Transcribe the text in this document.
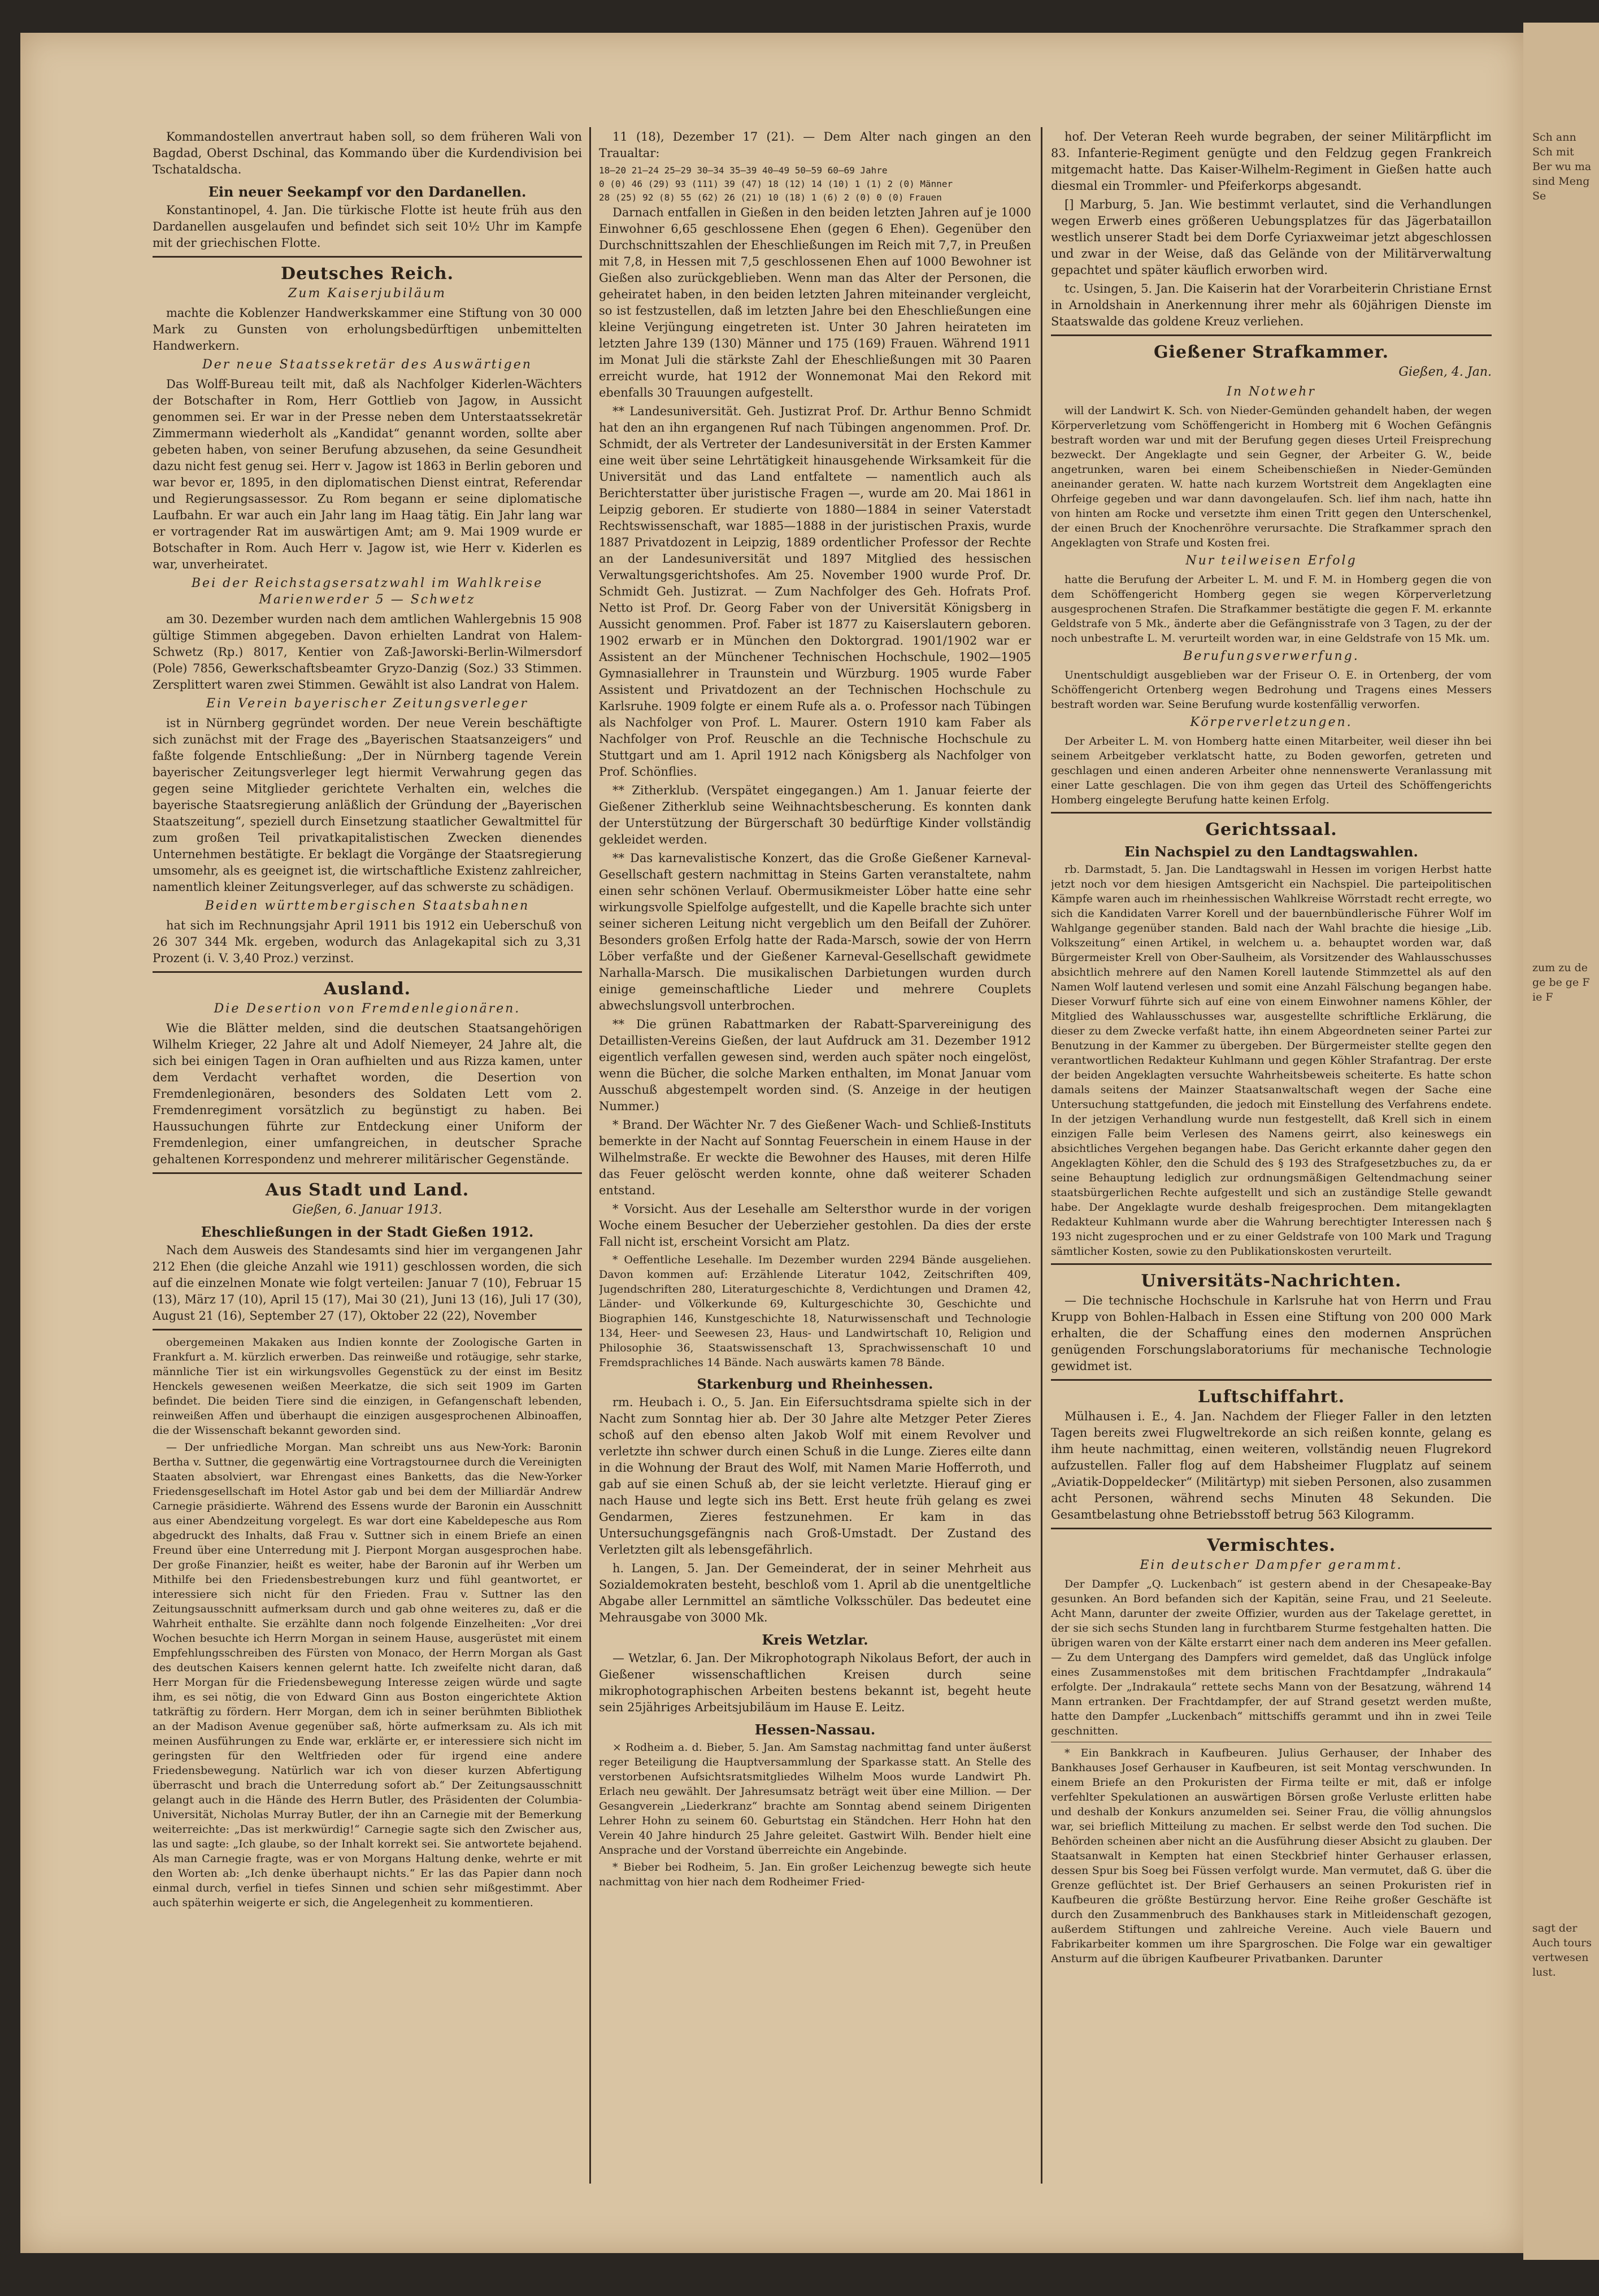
Sch ann Sch mit Ber wu ma sind Meng Se
zum zu de ge be ge F ie F
sagt der Auch tours vertwesen lust.

Kommandostellen anvertraut haben soll, so dem früheren Wali von Bagdad, Oberst Dschinal, das Kommando über die Kurdendivision bei Tschataldscha.

Ein neuer Seekampf vor den Dardanellen.

Konstantinopel, 4. Jan. Die türkische Flotte ist heute früh aus den Dardanellen ausgelaufen und befindet sich seit 10½ Uhr im Kampfe mit der griechischen Flotte.

Deutsches Reich.
Zum Kaiserjubiläum

machte die Koblenzer Handwerkskammer eine Stiftung von 30 000 Mark zu Gunsten von erholungsbedürftigen unbemittelten Handwerkern.

Der neue Staatssekretär des Auswärtigen

Das Wolff-Bureau teilt mit, daß als Nachfolger Kiderlen-Wächters der Botschafter in Rom, Herr Gottlieb von Jagow, in Aussicht genommen sei. Er war in der Presse neben dem Unterstaatssekretär Zimmermann wiederholt als „Kandidat“ genannt worden, sollte aber gebeten haben, von seiner Berufung abzusehen, da seine Gesundheit dazu nicht fest genug sei. Herr v. Jagow ist 1863 in Berlin geboren und war bevor er, 1895, in den diplomatischen Dienst eintrat, Referendar und Regierungsassessor. Zu Rom begann er seine diplomatische Laufbahn. Er war auch ein Jahr lang im Haag tätig. Ein Jahr lang war er vortragender Rat im auswärtigen Amt; am 9. Mai 1909 wurde er Botschafter in Rom. Auch Herr v. Jagow ist, wie Herr v. Kiderlen es war, unverheiratet.

Bei der Reichstagsersatzwahl im Wahlkreise Marienwerder 5 — Schwetz

am 30. Dezember wurden nach dem amtlichen Wahlergebnis 15 908 gültige Stimmen abgegeben. Davon erhielten Landrat von Halem-Schwetz (Rp.) 8017, Kentier von Zaß-Jaworski-Berlin-Wilmersdorf (Pole) 7856, Gewerkschaftsbeamter Gryzo-Danzig (Soz.) 33 Stimmen. Zersplittert waren zwei Stimmen. Gewählt ist also Landrat von Halem.

Ein Verein bayerischer Zeitungsverleger

ist in Nürnberg gegründet worden. Der neue Verein beschäftigte sich zunächst mit der Frage des „Bayerischen Staatsanzeigers“ und faßte folgende Entschließung: „Der in Nürnberg tagende Verein bayerischer Zeitungsverleger legt hiermit Verwahrung gegen das gegen seine Mitglieder gerichtete Verhalten ein, welches die bayerische Staatsregierung anläßlich der Gründung der „Bayerischen Staatszeitung“, speziell durch Einsetzung staatlicher Gewaltmittel für zum großen Teil privatkapitalistischen Zwecken dienendes Unternehmen bestätigte. Er beklagt die Vorgänge der Staatsregierung umsomehr, als es geeignet ist, die wirtschaftliche Existenz zahlreicher, namentlich kleiner Zeitungsverleger, auf das schwerste zu schädigen.

Beiden württembergischen Staatsbahnen

hat sich im Rechnungsjahr April 1911 bis 1912 ein Ueberschuß von 26 307 344 Mk. ergeben, wodurch das Anlagekapital sich zu 3,31 Prozent (i. V. 3,40 Proz.) verzinst.

Ausland.
Die Desertion von Fremdenlegionären.

Wie die Blätter melden, sind die deutschen Staatsangehörigen Wilhelm Krieger, 22 Jahre alt und Adolf Niemeyer, 24 Jahre alt, die sich bei einigen Tagen in Oran aufhielten und aus Rizza kamen, unter dem Verdacht verhaftet worden, die Desertion von Fremdenlegionären, besonders des Soldaten Lett vom 2. Fremdenregiment vorsätzlich zu begünstigt zu haben. Bei Haussuchungen führte zur Entdeckung einer Uniform der Fremdenlegion, einer umfangreichen, in deutscher Sprache gehaltenen Korrespondenz und mehrerer militärischer Gegenstände.

Aus Stadt und Land.
Gießen, 6. Januar 1913.
Eheschließungen in der Stadt Gießen 1912.

Nach dem Ausweis des Standesamts sind hier im vergangenen Jahr 212 Ehen (die gleiche Anzahl wie 1911) geschlossen worden, die sich auf die einzelnen Monate wie folgt verteilen: Januar 7 (10), Februar 15 (13), März 17 (10), April 15 (17), Mai 30 (21), Juni 13 (16), Juli 17 (30), August 21 (16), September 27 (17), Oktober 22 (22), November

obergemeinen Makaken aus Indien konnte der Zoologische Garten in Frankfurt a. M. kürzlich erwerben. Das reinweiße und rotäugige, sehr starke, männliche Tier ist ein wirkungsvolles Gegenstück zu der einst im Besitz Henckels gewesenen weißen Meerkatze, die sich seit 1909 im Garten befindet. Die beiden Tiere sind die einzigen, in Gefangenschaft lebenden, reinweißen Affen und überhaupt die einzigen ausgesprochenen Albinoaffen, die der Wissenschaft bekannt geworden sind.

— Der unfriedliche Morgan. Man schreibt uns aus New-York: Baronin Bertha v. Suttner, die gegenwärtig eine Vortragstournee durch die Vereinigten Staaten absolviert, war Ehrengast eines Banketts, das die New-Yorker Friedensgesellschaft im Hotel Astor gab und bei dem der Milliardär Andrew Carnegie präsidierte. Während des Essens wurde der Baronin ein Ausschnitt aus einer Abendzeitung vorgelegt. Es war dort eine Kabeldepesche aus Rom abgedruckt des Inhalts, daß Frau v. Suttner sich in einem Briefe an einen Freund über eine Unterredung mit J. Pierpont Morgan ausgesprochen habe. Der große Finanzier, heißt es weiter, habe der Baronin auf ihr Werben um Mithilfe bei den Friedensbestrebungen kurz und fühl geantwortet, er interessiere sich nicht für den Frieden. Frau v. Suttner las den Zeitungsausschnitt aufmerksam durch und gab ohne weiteres zu, daß er die Wahrheit enthalte. Sie erzählte dann noch folgende Einzelheiten: „Vor drei Wochen besuchte ich Herrn Morgan in seinem Hause, ausgerüstet mit einem Empfehlungsschreiben des Fürsten von Monaco, der Herrn Morgan als Gast des deutschen Kaisers kennen gelernt hatte. Ich zweifelte nicht daran, daß Herr Morgan für die Friedensbewegung Interesse zeigen würde und sagte ihm, es sei nötig, die von Edward Ginn aus Boston eingerichtete Aktion tatkräftig zu fördern. Herr Morgan, dem ich in seiner berühmten Bibliothek an der Madison Avenue gegenüber saß, hörte aufmerksam zu. Als ich mit meinen Ausführungen zu Ende war, erklärte er, er interessiere sich nicht im geringsten für den Weltfrieden oder für irgend eine andere Friedensbewegung. Natürlich war ich von dieser kurzen Abfertigung überrascht und brach die Unterredung sofort ab.“ Der Zeitungsausschnitt gelangt auch in die Hände des Herrn Butler, des Präsidenten der Columbia-Universität, Nicholas Murray Butler, der ihn an Carnegie mit der Bemerkung weiterreichte: „Das ist merkwürdig!“ Carnegie sagte sich den Zwischer aus, las und sagte: „Ich glaube, so der Inhalt korrekt sei. Sie antwortete bejahend. Als man Carnegie fragte, was er von Morgans Haltung denke, wehrte er mit den Worten ab: „Ich denke überhaupt nichts.“ Er las das Papier dann noch einmal durch, verfiel in tiefes Sinnen und schien sehr mißgestimmt. Aber auch späterhin weigerte er sich, die Angelegenheit zu kommentieren.

11 (18), Dezember 17 (21). — Dem Alter nach gingen an den Traualtar:

18—20 21—24 25—29 30—34 35—39 40—49 50—59 60—69 Jahre
0 (0) 46 (29) 93 (111) 39 (47) 18 (12) 14 (10) 1 (1) 2 (0) Männer
28 (25) 92 (8) 55 (62) 26 (21) 10 (18) 1 (6) 2 (0) 0 (0) Frauen

Darnach entfallen in Gießen in den beiden letzten Jahren auf je 1000 Einwohner 6,65 geschlossene Ehen (gegen 6 Ehen). Gegenüber den Durchschnittszahlen der Eheschließungen im Reich mit 7,7, in Preußen mit 7,8, in Hessen mit 7,5 geschlossenen Ehen auf 1000 Bewohner ist Gießen also zurückgeblieben. Wenn man das Alter der Personen, die geheiratet haben, in den beiden letzten Jahren miteinander vergleicht, so ist festzustellen, daß im letzten Jahre bei den Eheschließungen eine kleine Verjüngung eingetreten ist. Unter 30 Jahren heirateten im letzten Jahre 139 (130) Männer und 175 (169) Frauen. Während 1911 im Monat Juli die stärkste Zahl der Eheschließungen mit 30 Paaren erreicht wurde, hat 1912 der Wonnemonat Mai den Rekord mit ebenfalls 30 Trauungen aufgestellt.

** Landesuniversität. Geh. Justizrat Prof. Dr. Arthur Benno Schmidt hat den an ihn ergangenen Ruf nach Tübingen angenommen. Prof. Dr. Schmidt, der als Vertreter der Landesuniversität in der Ersten Kammer eine weit über seine Lehrtätigkeit hinausgehende Wirksamkeit für die Universität und das Land entfaltete — namentlich auch als Berichterstatter über juristische Fragen —, wurde am 20. Mai 1861 in Leipzig geboren. Er studierte von 1880—1884 in seiner Vaterstadt Rechtswissenschaft, war 1885—1888 in der juristischen Praxis, wurde 1887 Privatdozent in Leipzig, 1889 ordentlicher Professor der Rechte an der Landesuniversität und 1897 Mitglied des hessischen Verwaltungsgerichtshofes. Am 25. November 1900 wurde Prof. Dr. Schmidt Geh. Justizrat. — Zum Nachfolger des Geh. Hofrats Prof. Netto ist Prof. Dr. Georg Faber von der Universität Königsberg in Aussicht genommen. Prof. Faber ist 1877 zu Kaiserslautern geboren. 1902 erwarb er in München den Doktorgrad. 1901/1902 war er Assistent an der Münchener Technischen Hochschule, 1902—1905 Gymnasiallehrer in Traunstein und Würzburg. 1905 wurde Faber Assistent und Privatdozent an der Technischen Hochschule zu Karlsruhe. 1909 folgte er einem Rufe als a. o. Professor nach Tübingen als Nachfolger von Prof. L. Maurer. Ostern 1910 kam Faber als Nachfolger von Prof. Reuschle an die Technische Hochschule zu Stuttgart und am 1. April 1912 nach Königsberg als Nachfolger von Prof. Schönflies.

** Zitherklub. (Verspätet eingegangen.) Am 1. Januar feierte der Gießener Zitherklub seine Weihnachtsbescherung. Es konnten dank der Unterstützung der Bürgerschaft 30 bedürftige Kinder vollständig gekleidet werden.

** Das karnevalistische Konzert, das die Große Gießener Karneval-Gesellschaft gestern nachmittag in Steins Garten veranstaltete, nahm einen sehr schönen Verlauf. Obermusikmeister Löber hatte eine sehr wirkungsvolle Spielfolge aufgestellt, und die Kapelle brachte sich unter seiner sicheren Leitung nicht vergeblich um den Beifall der Zuhörer. Besonders großen Erfolg hatte der Rada-Marsch, sowie der von Herrn Löber verfaßte und der Gießener Karneval-Gesellschaft gewidmete Narhalla-Marsch. Die musikalischen Darbietungen wurden durch einige gemeinschaftliche Lieder und mehrere Couplets abwechslungsvoll unterbrochen.

** Die grünen Rabattmarken der Rabatt-Sparvereinigung des Detaillisten-Vereins Gießen, der laut Aufdruck am 31. Dezember 1912 eigentlich verfallen gewesen sind, werden auch später noch eingelöst, wenn die Bücher, die solche Marken enthalten, im Monat Januar vom Ausschuß abgestempelt worden sind. (S. Anzeige in der heutigen Nummer.)

* Brand. Der Wächter Nr. 7 des Gießener Wach- und Schließ-Instituts bemerkte in der Nacht auf Sonntag Feuerschein in einem Hause in der Wilhelmstraße. Er weckte die Bewohner des Hauses, mit deren Hilfe das Feuer gelöscht werden konnte, ohne daß weiterer Schaden entstand.

* Vorsicht. Aus der Lesehalle am Seltersthor wurde in der vorigen Woche einem Besucher der Ueberzieher gestohlen. Da dies der erste Fall nicht ist, erscheint Vorsicht am Platz.

* Oeffentliche Lesehalle. Im Dezember wurden 2294 Bände ausgeliehen. Davon kommen auf: Erzählende Literatur 1042, Zeitschriften 409, Jugendschriften 280, Literaturgeschichte 8, Verdichtungen und Dramen 42, Länder- und Völkerkunde 69, Kulturgeschichte 30, Geschichte und Biographien 146, Kunstgeschichte 18, Naturwissenschaft und Technologie 134, Heer- und Seewesen 23, Haus- und Landwirtschaft 10, Religion und Philosophie 36, Staatswissenschaft 13, Sprachwissenschaft 10 und Fremdsprachliches 14 Bände. Nach auswärts kamen 78 Bände.

Starkenburg und Rheinhessen.

rm. Heubach i. O., 5. Jan. Ein Eifersuchtsdrama spielte sich in der Nacht zum Sonntag hier ab. Der 30 Jahre alte Metzger Peter Zieres schoß auf den ebenso alten Jakob Wolf mit einem Revolver und verletzte ihn schwer durch einen Schuß in die Lunge. Zieres eilte dann in die Wohnung der Braut des Wolf, mit Namen Marie Hofferroth, und gab auf sie einen Schuß ab, der sie leicht verletzte. Hierauf ging er nach Hause und legte sich ins Bett. Erst heute früh gelang es zwei Gendarmen, Zieres festzunehmen. Er kam in das Untersuchungsgefängnis nach Groß-Umstadt. Der Zustand des Verletzten gilt als lebensgefährlich.

h. Langen, 5. Jan. Der Gemeinderat, der in seiner Mehrheit aus Sozialdemokraten besteht, beschloß vom 1. April ab die unentgeltliche Abgabe aller Lernmittel an sämtliche Volksschüler. Das bedeutet eine Mehrausgabe von 3000 Mk.

Kreis Wetzlar.

— Wetzlar, 6. Jan. Der Mikrophotograph Nikolaus Befort, der auch in Gießener wissenschaftlichen Kreisen durch seine mikrophotographischen Arbeiten bestens bekannt ist, begeht heute sein 25jähriges Arbeitsjubiläum im Hause E. Leitz.

Hessen-Nassau.

× Rodheim a. d. Bieber, 5. Jan. Am Samstag nachmittag fand unter äußerst reger Beteiligung die Hauptversammlung der Sparkasse statt. An Stelle des verstorbenen Aufsichtsratsmitgliedes Wilhelm Moos wurde Landwirt Ph. Erlach neu gewählt. Der Jahresumsatz beträgt weit über eine Million. — Der Gesangverein „Liederkranz“ brachte am Sonntag abend seinem Dirigenten Lehrer Hohn zu seinem 60. Geburtstag ein Ständchen. Herr Hohn hat den Verein 40 Jahre hindurch 25 Jahre geleitet. Gastwirt Wilh. Bender hielt eine Ansprache und der Vorstand überreichte ein Angebinde.

* Bieber bei Rodheim, 5. Jan. Ein großer Leichenzug bewegte sich heute nachmittag von hier nach dem Rodheimer Fried-

hof. Der Veteran Reeh wurde begraben, der seiner Militärpflicht im 83. Infanterie-Regiment genügte und den Feldzug gegen Frankreich mitgemacht hatte. Das Kaiser-Wilhelm-Regiment in Gießen hatte auch diesmal ein Trommler- und Pfeiferkorps abgesandt.

[] Marburg, 5. Jan. Wie bestimmt verlautet, sind die Verhandlungen wegen Erwerb eines größeren Uebungsplatzes für das Jägerbataillon westlich unserer Stadt bei dem Dorfe Cyriaxweimar jetzt abgeschlossen und zwar in der Weise, daß das Gelände von der Militärverwaltung gepachtet und später käuflich erworben wird.

tc. Usingen, 5. Jan. Die Kaiserin hat der Vorarbeiterin Christiane Ernst in Arnoldshain in Anerkennung ihrer mehr als 60jährigen Dienste im Staatswalde das goldene Kreuz verliehen.

Gießener Strafkammer.
Gießen, 4. Jan.
In Notwehr

will der Landwirt K. Sch. von Nieder-Gemünden gehandelt haben, der wegen Körperverletzung vom Schöffengericht in Homberg mit 6 Wochen Gefängnis bestraft worden war und mit der Berufung gegen dieses Urteil Freisprechung bezweckt. Der Angeklagte und sein Gegner, der Arbeiter G. W., beide angetrunken, waren bei einem Scheibenschießen in Nieder-Gemünden aneinander geraten. W. hatte nach kurzem Wortstreit dem Angeklagten eine Ohrfeige gegeben und war dann davongelaufen. Sch. lief ihm nach, hatte ihn von hinten am Rocke und versetzte ihm einen Tritt gegen den Unterschenkel, der einen Bruch der Knochenröhre verursachte. Die Strafkammer sprach den Angeklagten von Strafe und Kosten frei.

Nur teilweisen Erfolg

hatte die Berufung der Arbeiter L. M. und F. M. in Homberg gegen die von dem Schöffengericht Homberg gegen sie wegen Körperverletzung ausgesprochenen Strafen. Die Strafkammer bestätigte die gegen F. M. erkannte Geldstrafe von 5 Mk., änderte aber die Gefängnisstrafe von 3 Tagen, zu der der noch unbestrafte L. M. verurteilt worden war, in eine Geldstrafe von 15 Mk. um.

Berufungsverwerfung.

Unentschuldigt ausgeblieben war der Friseur O. E. in Ortenberg, der vom Schöffengericht Ortenberg wegen Bedrohung und Tragens eines Messers bestraft worden war. Seine Berufung wurde kostenfällig verworfen.

Körperverletzungen.

Der Arbeiter L. M. von Homberg hatte einen Mitarbeiter, weil dieser ihn bei seinem Arbeitgeber verklatscht hatte, zu Boden geworfen, getreten und geschlagen und einen anderen Arbeiter ohne nennenswerte Veranlassung mit einer Latte geschlagen. Die von ihm gegen das Urteil des Schöffengerichts Homberg eingelegte Berufung hatte keinen Erfolg.

Gerichtssaal.
Ein Nachspiel zu den Landtagswahlen.

rb. Darmstadt, 5. Jan. Die Landtagswahl in Hessen im vorigen Herbst hatte jetzt noch vor dem hiesigen Amtsgericht ein Nachspiel. Die parteipolitischen Kämpfe waren auch im rheinhessischen Wahlkreise Wörrstadt recht erregte, wo sich die Kandidaten Varrer Korell und der bauernbündlerische Führer Wolf im Wahlgange gegenüber standen. Bald nach der Wahl brachte die hiesige „Lib. Volkszeitung“ einen Artikel, in welchem u. a. behauptet worden war, daß Bürgermeister Krell von Ober-Saulheim, als Vorsitzender des Wahlausschusses absichtlich mehrere auf den Namen Korell lautende Stimmzettel als auf den Namen Wolf lautend verlesen und somit eine Anzahl Fälschung begangen habe. Dieser Vorwurf führte sich auf eine von einem Einwohner namens Köhler, der Mitglied des Wahlausschusses war, ausgestellte schriftliche Erklärung, die dieser zu dem Zwecke verfaßt hatte, ihn einem Abgeordneten seiner Partei zur Benutzung in der Kammer zu übergeben. Der Bürgermeister stellte gegen den verantwortlichen Redakteur Kuhlmann und gegen Köhler Strafantrag. Der erste der beiden Angeklagten versuchte Wahrheitsbeweis scheiterte. Es hatte schon damals seitens der Mainzer Staatsanwaltschaft wegen der Sache eine Untersuchung stattgefunden, die jedoch mit Einstellung des Verfahrens endete. In der jetzigen Verhandlung wurde nun festgestellt, daß Krell sich in einem einzigen Falle beim Verlesen des Namens geirrt, also keineswegs ein absichtliches Vergehen begangen habe. Das Gericht erkannte daher gegen den Angeklagten Köhler, den die Schuld des § 193 des Strafgesetzbuches zu, da er seine Behauptung lediglich zur ordnungsmäßigen Geltendmachung seiner staatsbürgerlichen Rechte aufgestellt und sich an zuständige Stelle gewandt habe. Der Angeklagte wurde deshalb freigesprochen. Dem mitangeklagten Redakteur Kuhlmann wurde aber die Wahrung berechtigter Interessen nach § 193 nicht zugesprochen und er zu einer Geldstrafe von 100 Mark und Tragung sämtlicher Kosten, sowie zu den Publikationskosten verurteilt.

Universitäts-Nachrichten.

— Die technische Hochschule in Karlsruhe hat von Herrn und Frau Krupp von Bohlen-Halbach in Essen eine Stiftung von 200 000 Mark erhalten, die der Schaffung eines den modernen Ansprüchen genügenden Forschungslaboratoriums für mechanische Technologie gewidmet ist.

Luftschiffahrt.

Mülhausen i. E., 4. Jan. Nachdem der Flieger Faller in den letzten Tagen bereits zwei Flugweltrekorde an sich reißen konnte, gelang es ihm heute nachmittag, einen weiteren, vollständig neuen Flugrekord aufzustellen. Faller flog auf dem Habsheimer Flugplatz auf seinem „Aviatik-Doppeldecker“ (Militärtyp) mit sieben Personen, also zusammen acht Personen, während sechs Minuten 48 Sekunden. Die Gesamtbelastung ohne Betriebsstoff betrug 563 Kilogramm.

Vermischtes.
Ein deutscher Dampfer gerammt.

Der Dampfer „Q. Luckenbach“ ist gestern abend in der Chesapeake-Bay gesunken. An Bord befanden sich der Kapitän, seine Frau, und 21 Seeleute. Acht Mann, darunter der zweite Offizier, wurden aus der Takelage gerettet, in der sie sich sechs Stunden lang in furchtbarem Sturme festgehalten hatten. Die übrigen waren von der Kälte erstarrt einer nach dem anderen ins Meer gefallen. — Zu dem Untergang des Dampfers wird gemeldet, daß das Unglück infolge eines Zusammenstoßes mit dem britischen Frachtdampfer „Indrakaula“ erfolgte. Der „Indrakaula“ rettete sechs Mann von der Besatzung, während 14 Mann ertranken. Der Frachtdampfer, der auf Strand gesetzt werden mußte, hatte den Dampfer „Luckenbach“ mittschiffs gerammt und ihn in zwei Teile geschnitten.

* Ein Bankkrach in Kaufbeuren. Julius Gerhauser, der Inhaber des Bankhauses Josef Gerhauser in Kaufbeuren, ist seit Montag verschwunden. In einem Briefe an den Prokuristen der Firma teilte er mit, daß er infolge verfehlter Spekulationen an auswärtigen Börsen große Verluste erlitten habe und deshalb der Konkurs anzumelden sei. Seiner Frau, die völlig ahnungslos war, sei brieflich Mitteilung zu machen. Er selbst werde den Tod suchen. Die Behörden scheinen aber nicht an die Ausführung dieser Absicht zu glauben. Der Staatsanwalt in Kempten hat einen Steckbrief hinter Gerhauser erlassen, dessen Spur bis Soeg bei Füssen verfolgt wurde. Man vermutet, daß G. über die Grenze geflüchtet ist. Der Brief Gerhausers an seinen Prokuristen rief in Kaufbeuren die größte Bestürzung hervor. Eine Reihe großer Geschäfte ist durch den Zusammenbruch des Bankhauses stark in Mitleidenschaft gezogen, außerdem Stiftungen und zahlreiche Vereine. Auch viele Bauern und Fabrikarbeiter kommen um ihre Spargroschen. Die Folge war ein gewaltiger Ansturm auf die übrigen Kaufbeurer Privatbanken. Darunter
